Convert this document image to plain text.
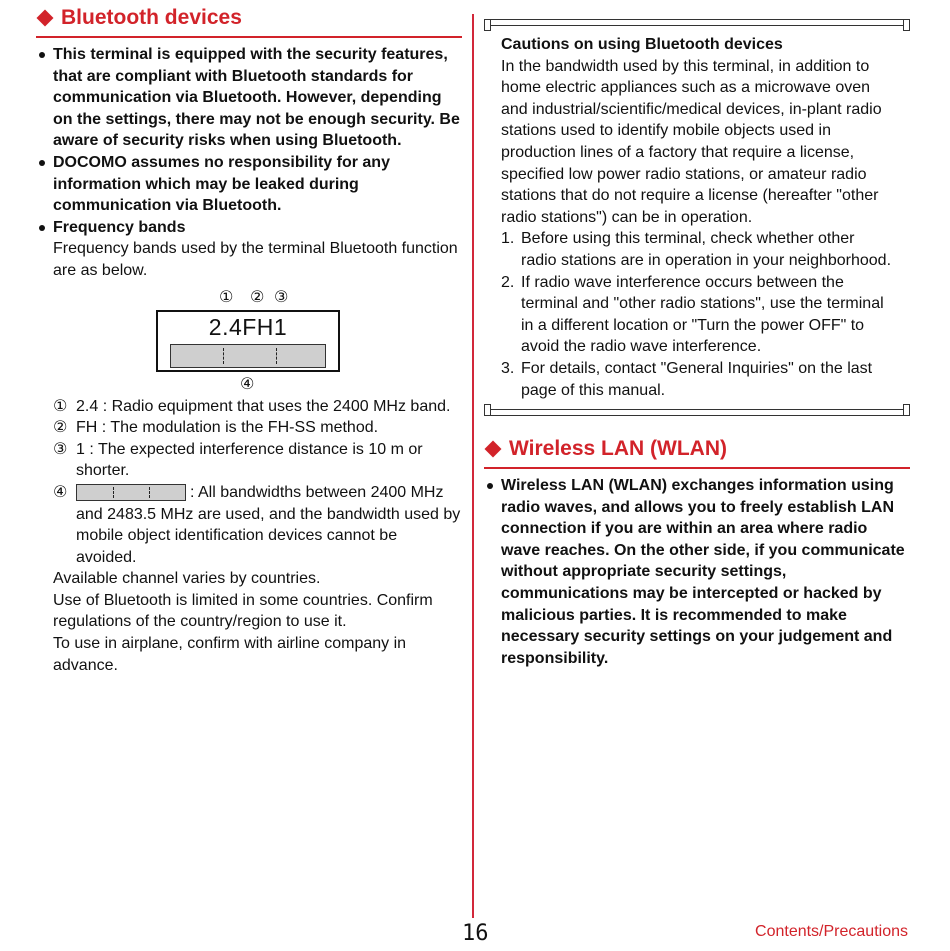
Bluetooth devices
This terminal is equipped with the security features, that are compliant with Bluetooth standards for communication via Bluetooth. However, depending on the settings, there may not be enough security. Be aware of security risks when using Bluetooth.
DOCOMO assumes no responsibility for any information which may be leaked during communication via Bluetooth.
Frequency bands
Frequency bands used by the terminal Bluetooth function are as below.
① ② ③
2.4FH1
④
① 2.4 : Radio equipment that uses the 2400 MHz band.
② FH : The modulation is the FH-SS method.
③ 1 : The expected interference distance is 10 m or shorter.
④	: All bandwidths between 2400 MHz and 2483.5 MHz are used, and the bandwidth used by mobile object identification devices cannot be avoided.
Available channel varies by countries.
Use of Bluetooth is limited in some countries. Confirm regulations of the country/region to use it.
To use in airplane, confirm with airline company in advance.
Cautions on using Bluetooth devices
In the bandwidth used by this terminal, in addition to home electric appliances such as a microwave oven and industrial/scientific/medical devices, in-plant radio stations used to identify mobile objects used in production lines of a factory that require a license, specified low power radio stations, or amateur radio stations that do not require a license (hereafter "other radio stations") can be in operation.
1. Before using this terminal, check whether other radio stations are in operation in your neighborhood.
2. If radio wave interference occurs between the terminal and "other radio stations", use the terminal in a different location or "Turn the power OFF" to avoid the radio wave interference.
3. For details, contact "General Inquiries" on the last page of this manual.
Wireless LAN (WLAN)
Wireless LAN (WLAN) exchanges information using radio waves, and allows you to freely establish LAN connection if you are within an area where radio wave reaches. On the other side, if you communicate without appropriate security settings, communications may be intercepted or hacked by malicious parties. It is recommended to make necessary security settings on your judgement and responsibility.
16	Contents/Precautions
